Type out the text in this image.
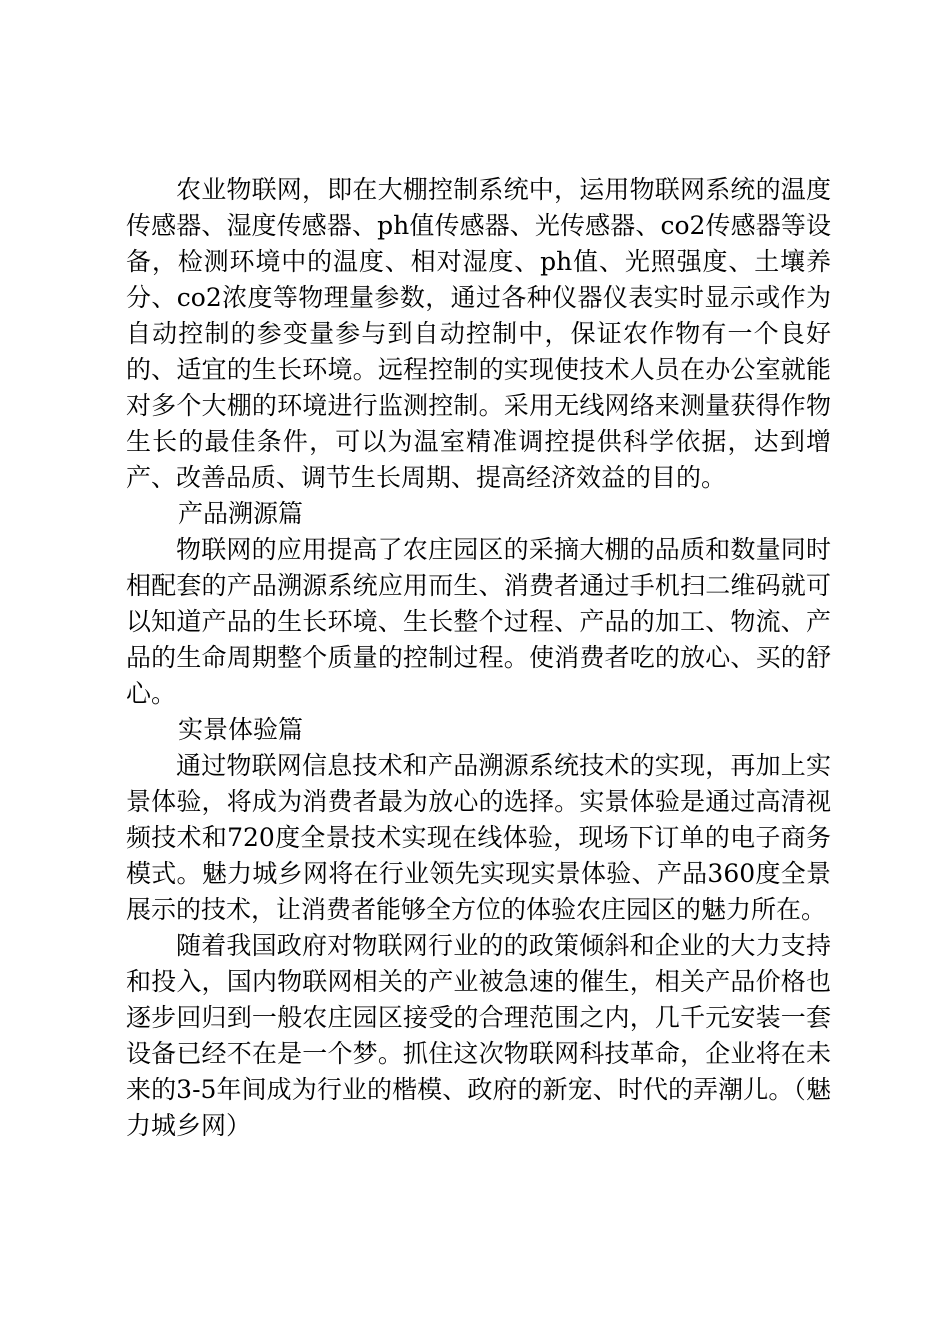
农业物联网，即在大棚控制系统中，运用物联网系统的温度传感器、湿度传感器、ph值传感器、光传感器、co2传感器等设备，检测环境中的温度、相对湿度、ph值、光照强度、土壤养分、co2浓度等物理量参数，通过各种仪器仪表实时显示或作为自动控制的参变量参与到自动控制中，保证农作物有一个良好的、适宜的生长环境。远程控制的实现使技术人员在办公室就能对多个大棚的环境进行监测控制。采用无线网络来测量获得作物生长的最佳条件，可以为温室精准调控提供科学依据，达到增产、改善品质、调节生长周期、提高经济效益的目的。

产品溯源篇

物联网的应用提高了农庄园区的采摘大棚的品质和数量同时相配套的产品溯源系统应用而生、消费者通过手机扫二维码就可以知道产品的生长环境、生长整个过程、产品的加工、物流、产品的生命周期整个质量的控制过程。使消费者吃的放心、买的舒心。

实景体验篇

通过物联网信息技术和产品溯源系统技术的实现，再加上实景体验，将成为消费者最为放心的选择。实景体验是通过高清视频技术和720度全景技术实现在线体验，现场下订单的电子商务模式。魅力城乡网将在行业领先实现实景体验、产品360度全景展示的技术，让消费者能够全方位的体验农庄园区的魅力所在。

随着我国政府对物联网行业的的政策倾斜和企业的大力支持和投入，国内物联网相关的产业被急速的催生，相关产品价格也逐步回归到一般农庄园区接受的合理范围之内，几千元安装一套设备已经不在是一个梦。抓住这次物联网科技革命，企业将在未来的3-5年间成为行业的楷模、政府的新宠、时代的弄潮儿。（魅力城乡网）
